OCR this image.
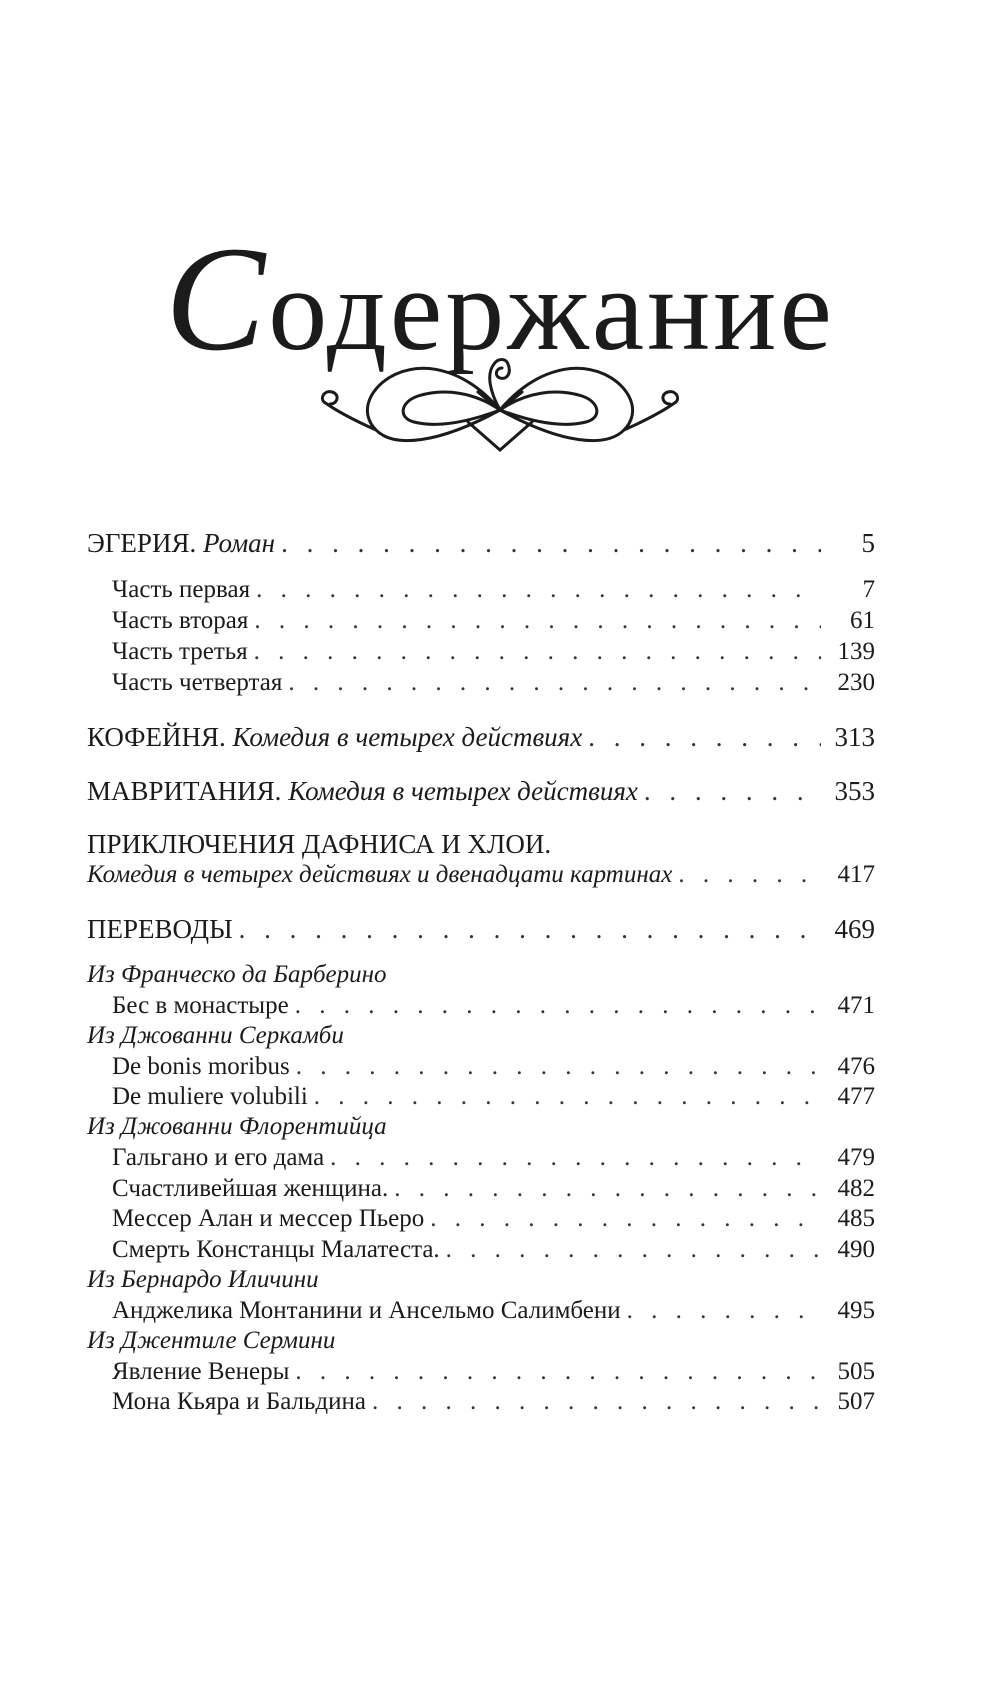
Содержание
ЭГЕРИЯ. Роман . . .	5
Часть первая . . .	7
Часть вторая . . .	61
Часть третья . . .	139
Часть четвертая . . .	230
КОФЕЙНЯ. Комедия в четырех действиях . . .	313
МАВРИТАНИЯ. Комедия в четырех действиях . . .	353
ПРИКЛЮЧЕНИЯ ДАФНИСА И ХЛОИ.
Комедия в четырех действиях и двенадцати картинах . . .	417
ПЕРЕВОДЫ . . .	469
Из Франческо да Барберино
Бес в монастыре . . .	471
Из Джованни Серкамби
De bonis moribus . . .	476
De muliere volubili . . .	477
Из Джованни Флорентийца
Гальгано и его дама . . .	479
Счастливейшая женщина. . . .	482
Мессер Алан и мессер Пьеро . . .	485
Смерть Констанцы Малатеста. . . .	490
Из Бернардо Иличини
Анджелика Монтанини и Ансельмо Салимбени . . .	495
Из Джентиле Сермини
Явление Венеры . . .	505
Мона Кьяра и Бальдина . . .	507
